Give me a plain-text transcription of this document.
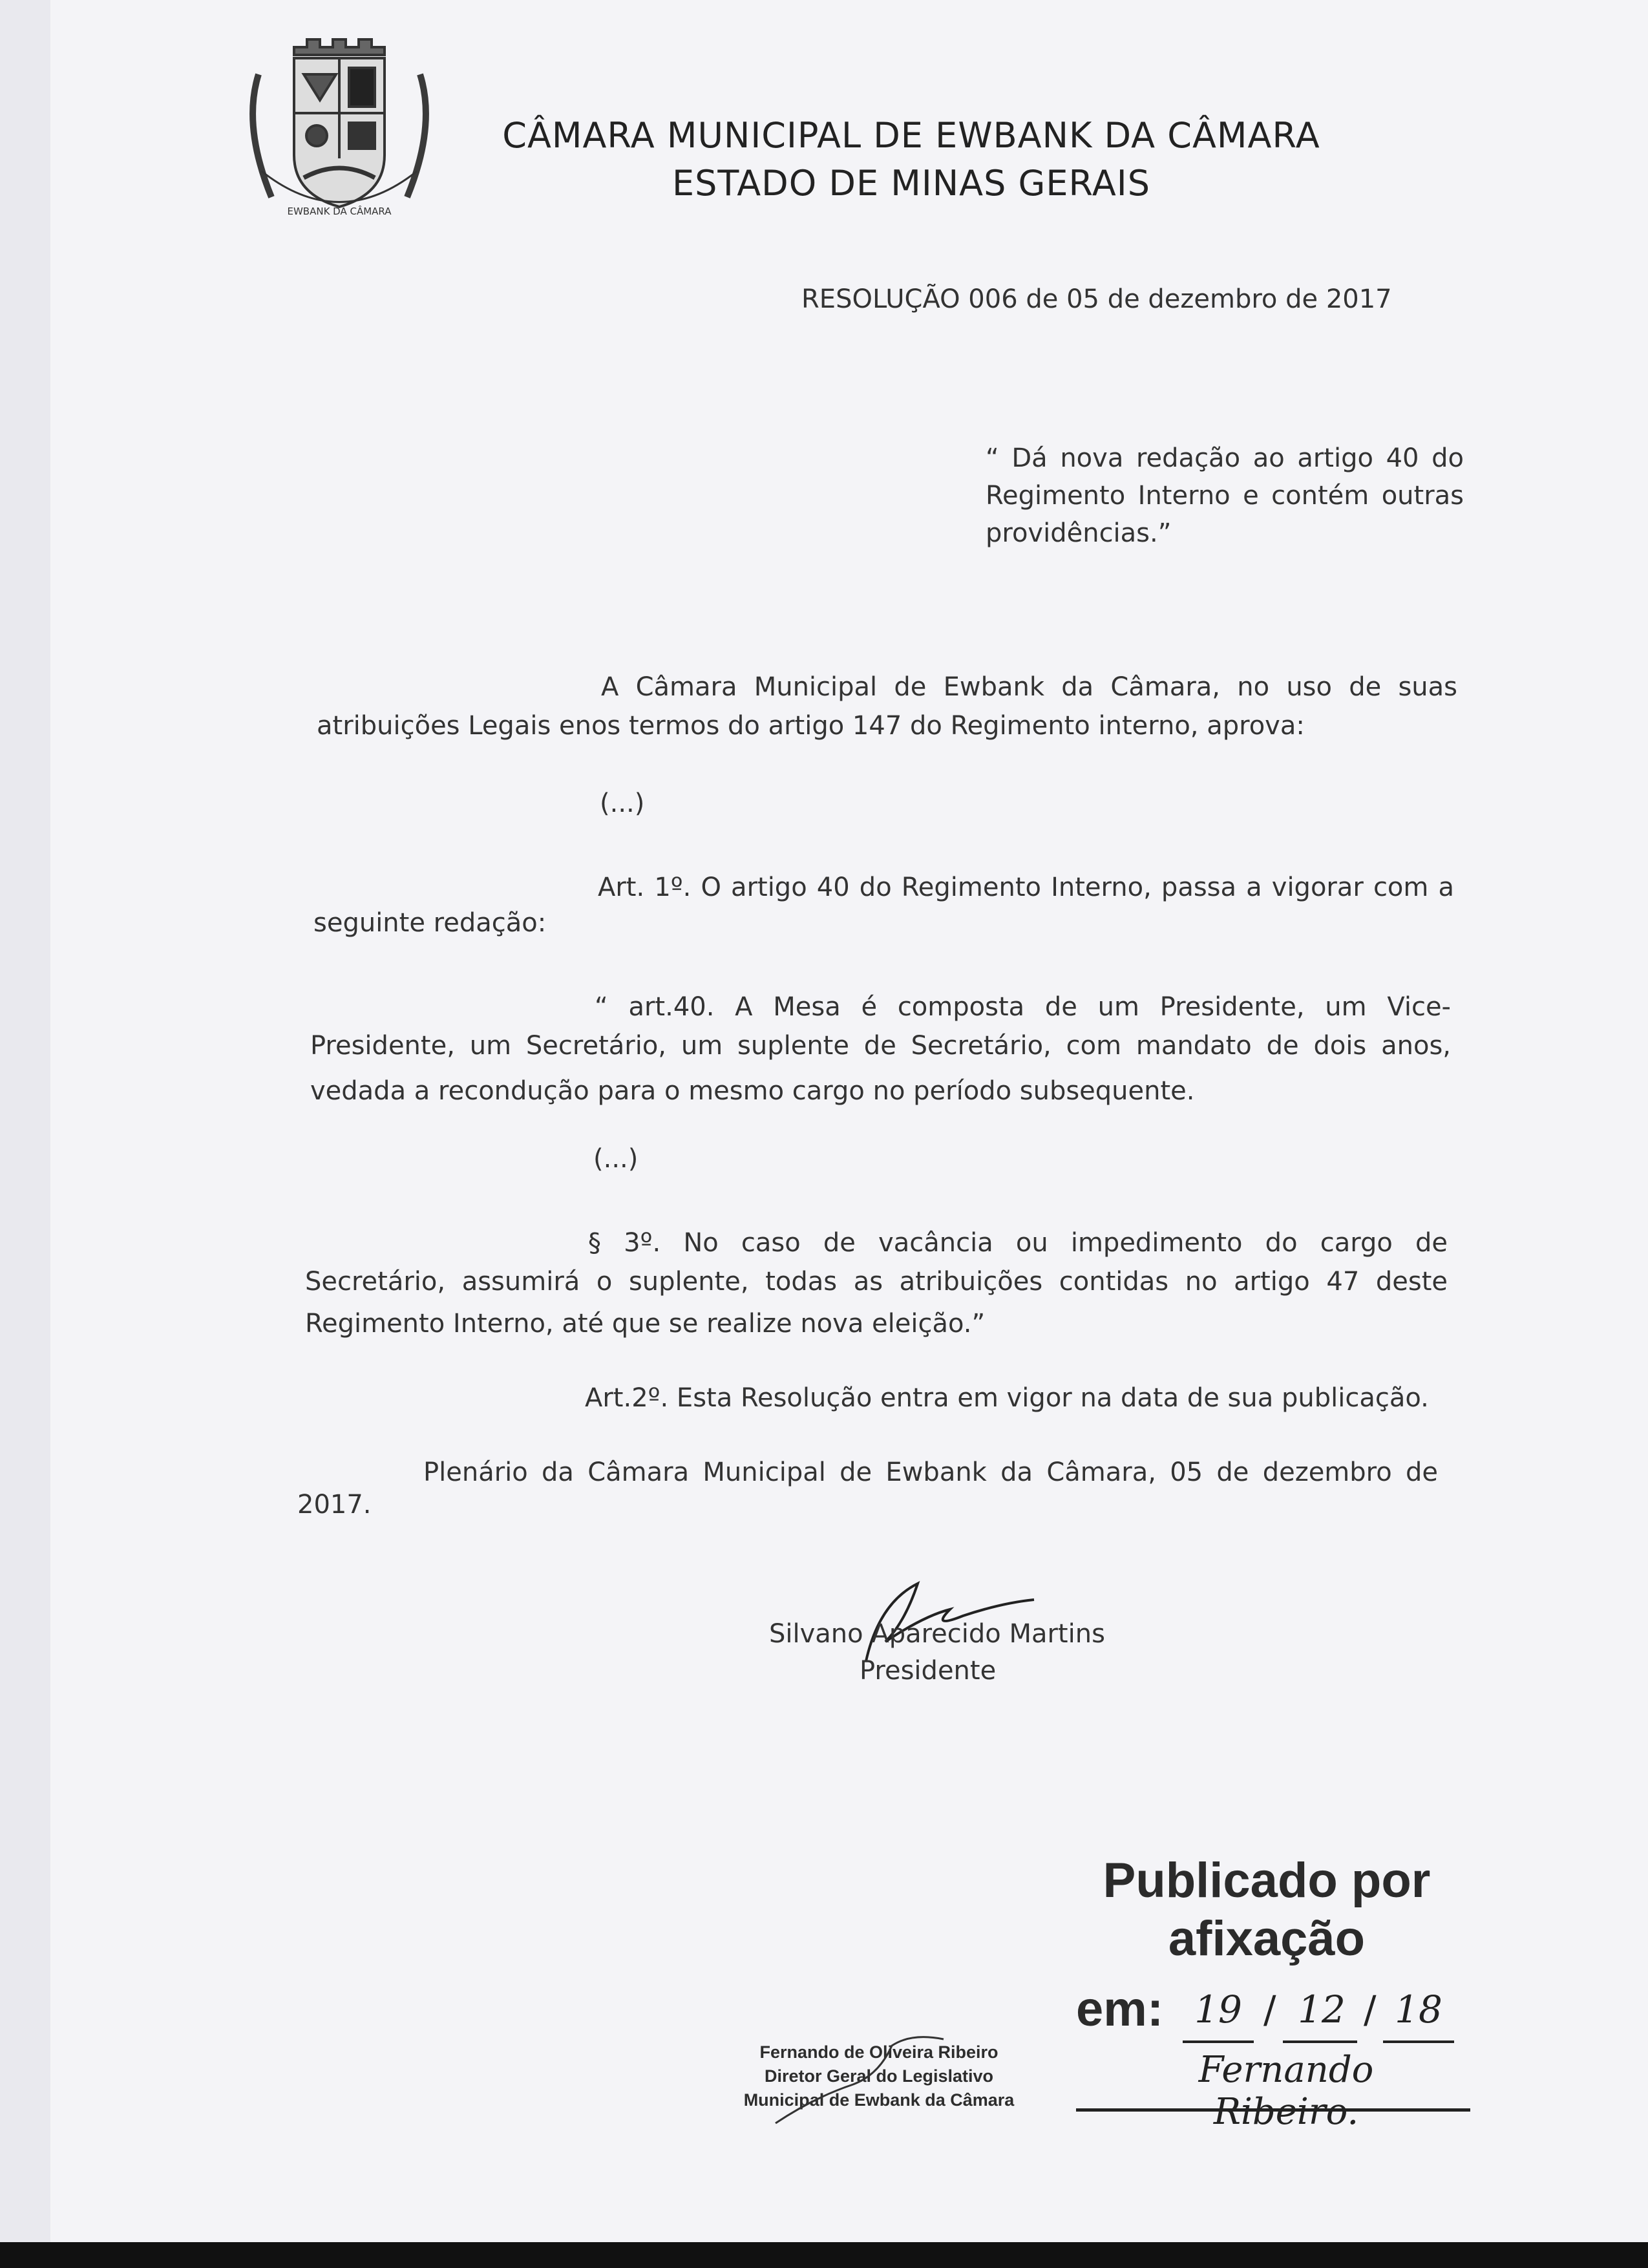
EWBANK DA CÂMARA
CÂMARA MUNICIPAL DE EWBANK DA CÂMARA
ESTADO DE MINAS GERAIS
RESOLUÇÃO 006 de 05 de dezembro de 2017
“ Dá nova redação ao artigo 40 do Regimento Interno e contém outras providências.”
A Câmara Municipal de Ewbank da Câmara, no uso de suas
atribuições Legais enos termos do artigo 147 do Regimento interno, aprova:
(...)
Art. 1º. O artigo 40 do Regimento Interno, passa a vigorar com a
seguinte redação:
“ art.40. A Mesa é composta de um Presidente, um Vice-
Presidente, um Secretário, um suplente de Secretário, com mandato de dois anos,
vedada a recondução para o mesmo cargo no período subsequente.
(...)
§ 3º. No caso de vacância ou impedimento do cargo de
Secretário, assumirá o suplente, todas as atribuições contidas no artigo 47 deste
Regimento Interno, até que se realize nova eleição.”
Art.2º. Esta Resolução entra em vigor na data de sua publicação.
Plenário da Câmara Municipal de Ewbank da Câmara, 05 de dezembro de
2017.
Silvano Aparecido Martins
Presidente
Fernando de Oliveira Ribeiro
Diretor Geral do Legislativo
Municipal de Ewbank da Câmara
Publicado por
afixação
em: 19 / 12 / 18
Fernando Ribeiro.
